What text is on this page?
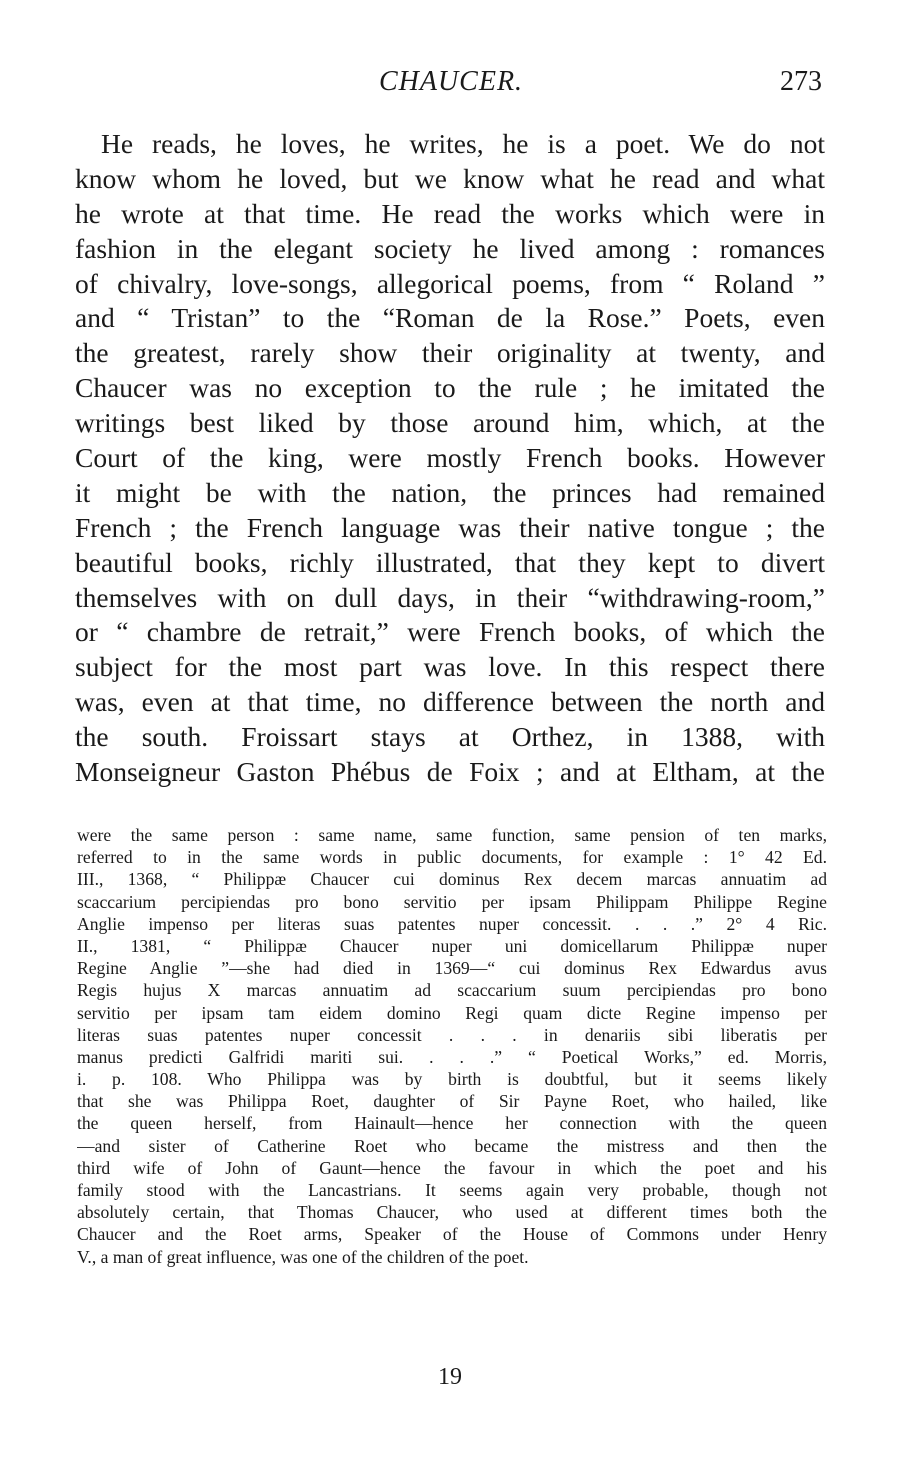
CHAUCER.	273
He reads, he loves, he writes, he is a poet. We do not
know whom he loved, but we know what he read and what
he wrote at that time. He read the works which were in
fashion in the elegant society he lived among : romances
of chivalry, love-songs, allegorical poems, from “ Roland ”
and “ Tristan” to the “Roman de la Rose.” Poets, even
the greatest, rarely show their originality at twenty, and
Chaucer was no exception to the rule ; he imitated the
writings best liked by those around him, which, at the
Court of the king, were mostly French books. However
it might be with the nation, the princes had remained
French ; the French language was their native tongue ; the
beautiful books, richly illustrated, that they kept to divert
themselves with on dull days, in their “withdrawing-room,”
or “ chambre de retrait,” were French books, of which the
subject for the most part was love. In this respect there
was, even at that time, no difference between the north and
the south. Froissart stays at Orthez, in 1388, with
Monseigneur Gaston Phébus de Foix ; and at Eltham, at the
were the same person : same name, same function, same pension of ten marks,
referred to in the same words in public documents, for example : 1° 42 Ed.
III., 1368, “ Philippæ Chaucer cui dominus Rex decem marcas annuatim ad
scaccarium percipiendas pro bono servitio per ipsam Philippam Philippe Regine
Anglie impenso per literas suas patentes nuper concessit. . . .” 2° 4 Ric.
II., 1381, “ Philippæ Chaucer nuper uni domicellarum Philippæ nuper
Regine Anglie ”—she had died in 1369—“ cui dominus Rex Edwardus avus
Regis hujus X marcas annuatim ad scaccarium suum percipiendas pro bono
servitio per ipsam tam eidem domino Regi quam dicte Regine impenso per
literas suas patentes nuper concessit . . . in denariis sibi liberatis per
manus predicti Galfridi mariti sui. . . .” “ Poetical Works,” ed. Morris,
i. p. 108. Who Philippa was by birth is doubtful, but it seems likely
that she was Philippa Roet, daughter of Sir Payne Roet, who hailed, like
the queen herself, from Hainault—hence her connection with the queen
—and sister of Catherine Roet who became the mistress and then the
third wife of John of Gaunt—hence the favour in which the poet and his
family stood with the Lancastrians. It seems again very probable, though not
absolutely certain, that Thomas Chaucer, who used at different times both the
Chaucer and the Roet arms, Speaker of the House of Commons under Henry
V., a man of great influence, was one of the children of the poet.
19
